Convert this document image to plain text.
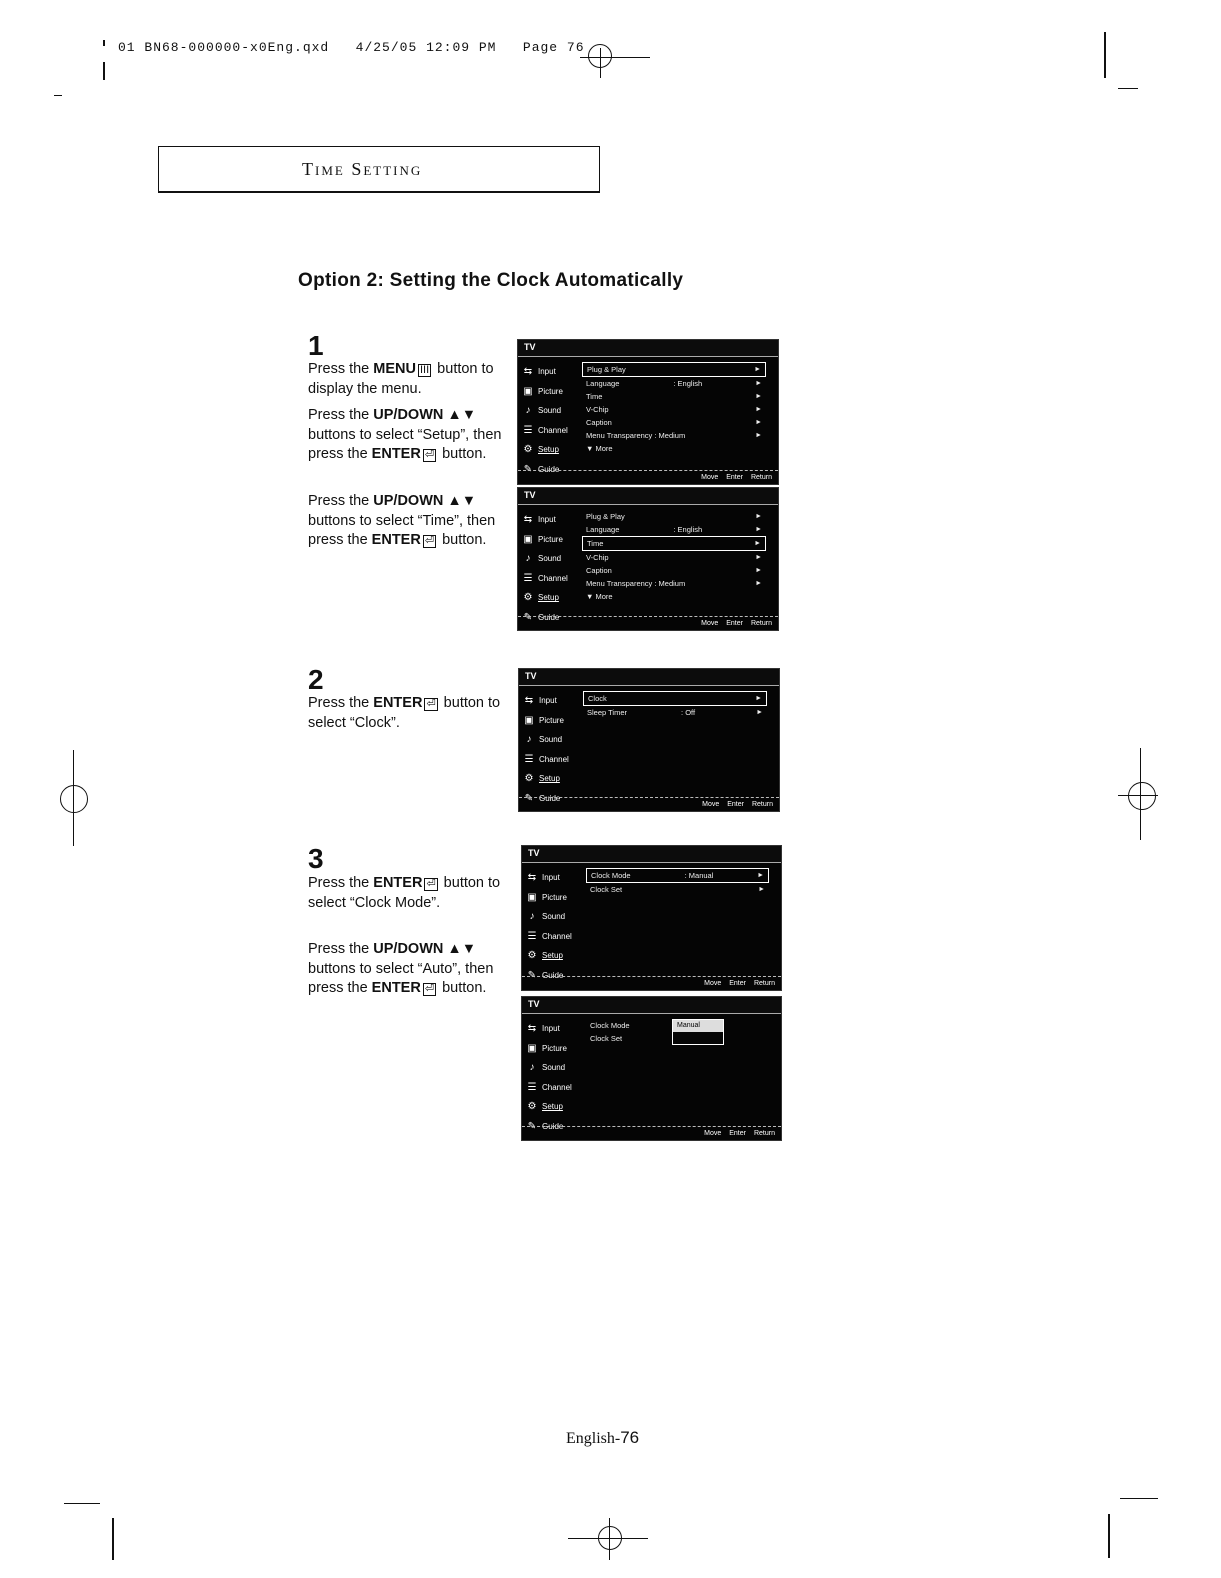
01 BN68-000000-x0Eng.qxd 4/25/05 12:09 PM Page 76
Time Setting
Option 2: Setting the Clock Automatically
1
Press the MENU III button to display the menu.
Press the UP/DOWN ▲▼ buttons to select “Setup”, then press the ENTER ⏎ button.
Press the UP/DOWN ▲▼ buttons to select “Time”, then press the ENTER ⏎ button.
2
Press the ENTER ⏎ button to select “Clock”.
3
Press the ENTER ⏎ button to select “Clock Mode”.
Press the UP/DOWN ▲▼ buttons to select “Auto”, then press the ENTER ⏎ button.
TV
⇆ Input
▣ Picture
♪ Sound
☰ Channel
⚙ Setup
✎ Guide
Plug & Play	►
Language	: English	►
Time	►
V-Chip	►
Caption	►
Menu Transparency : Medium	►
▼ More
Move Enter Return
TV
⇆ Input
▣ Picture
♪ Sound
☰ Channel
⚙ Setup
✎ Guide
Plug & Play	►
Language	: English	►
Time	►
V-Chip	►
Caption	►
Menu Transparency : Medium	►
▼ More
Move Enter Return
TV
⇆ Input
▣ Picture
♪ Sound
☰ Channel
⚙ Setup
✎ Guide
Clock	►
Sleep Timer	: Off	►
Move Enter Return
TV
⇆ Input
▣ Picture
♪ Sound
☰ Channel
⚙ Setup
✎ Guide
Clock Mode	: Manual	►
Clock Set	►
Move Enter Return
TV
⇆ Input
▣ Picture
♪ Sound
☰ Channel
⚙ Setup
✎ Guide
Clock Mode
Clock Set
Manual
Move Enter Return
English-76
